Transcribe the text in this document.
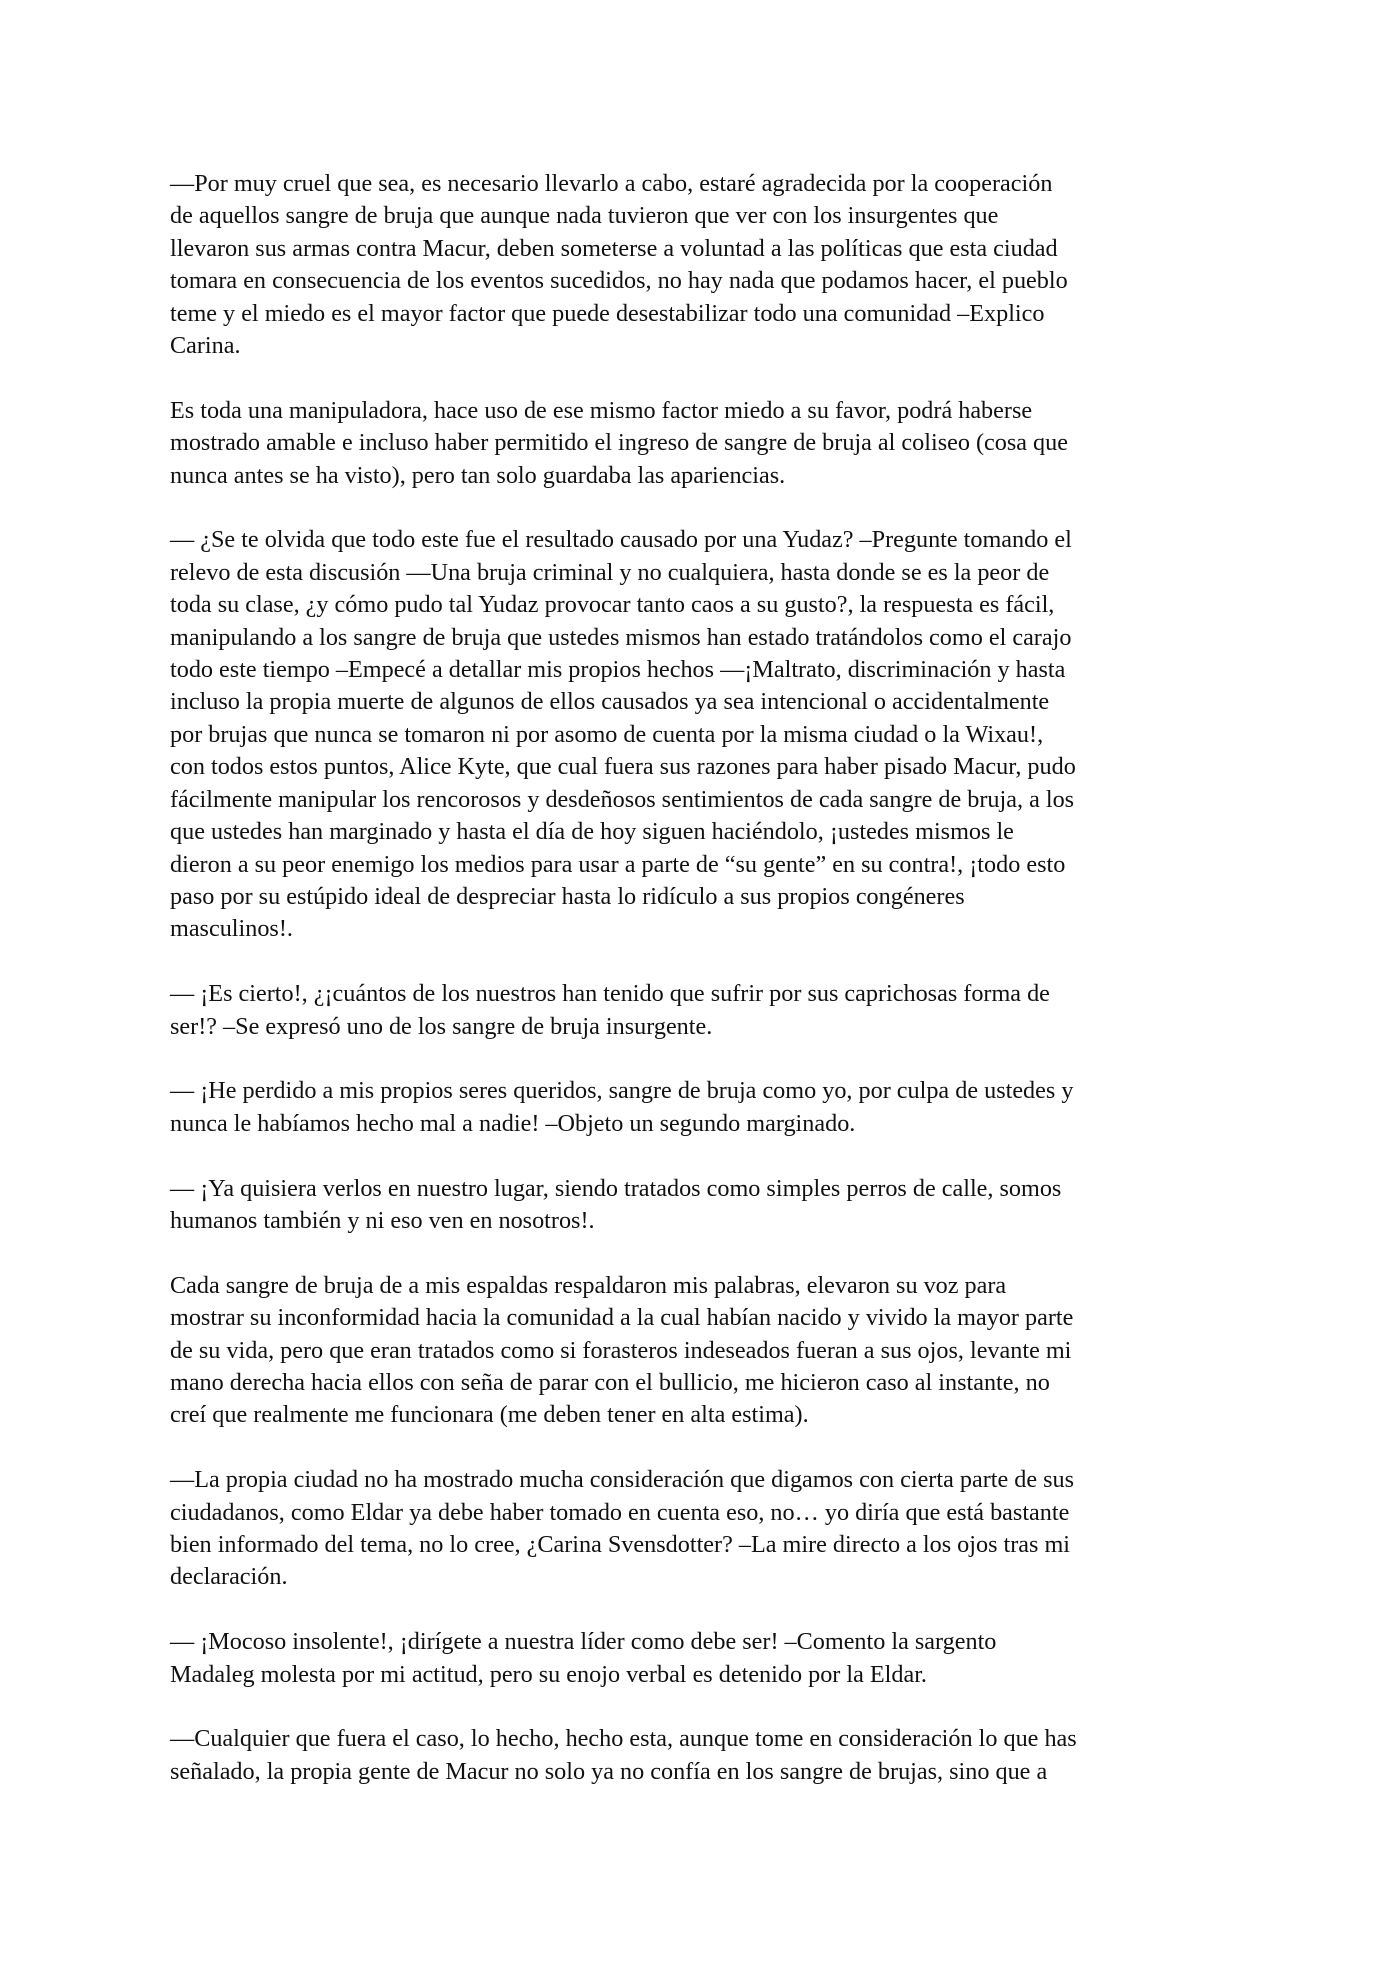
—Por muy cruel que sea, es necesario llevarlo a cabo, estaré agradecida por la cooperación
de aquellos sangre de bruja que aunque nada tuvieron que ver con los insurgentes que
llevaron sus armas contra Macur, deben someterse a voluntad a las políticas que esta ciudad
tomara en consecuencia de los eventos sucedidos, no hay nada que podamos hacer, el pueblo
teme y el miedo es el mayor factor que puede desestabilizar todo una comunidad –Explico
Carina.

Es toda una manipuladora, hace uso de ese mismo factor miedo a su favor, podrá haberse
mostrado amable e incluso haber permitido el ingreso de sangre de bruja al coliseo (cosa que
nunca antes se ha visto), pero tan solo guardaba las apariencias.

— ¿Se te olvida que todo este fue el resultado causado por una Yudaz? –Pregunte tomando el
relevo de esta discusión —Una bruja criminal y no cualquiera, hasta donde se es la peor de
toda su clase, ¿y cómo pudo tal Yudaz provocar tanto caos a su gusto?, la respuesta es fácil,
manipulando a los sangre de bruja que ustedes mismos han estado tratándolos como el carajo
todo este tiempo –Empecé a detallar mis propios hechos —¡Maltrato, discriminación y hasta
incluso la propia muerte de algunos de ellos causados ya sea intencional o accidentalmente
por brujas que nunca se tomaron ni por asomo de cuenta por la misma ciudad o la Wixau!,
con todos estos puntos, Alice Kyte, que cual fuera sus razones para haber pisado Macur, pudo
fácilmente manipular los rencorosos y desdeñosos sentimientos de cada sangre de bruja, a los
que ustedes han marginado y hasta el día de hoy siguen haciéndolo, ¡ustedes mismos le
dieron a su peor enemigo los medios para usar a parte de “su gente” en su contra!, ¡todo esto
paso por su estúpido ideal de despreciar hasta lo ridículo a sus propios congéneres
masculinos!.

— ¡Es cierto!, ¿¡cuántos de los nuestros han tenido que sufrir por sus caprichosas forma de
ser!? –Se expresó uno de los sangre de bruja insurgente.

— ¡He perdido a mis propios seres queridos, sangre de bruja como yo, por culpa de ustedes y
nunca le habíamos hecho mal a nadie! –Objeto un segundo marginado.

— ¡Ya quisiera verlos en nuestro lugar, siendo tratados como simples perros de calle, somos
humanos también y ni eso ven en nosotros!.

Cada sangre de bruja de a mis espaldas respaldaron mis palabras, elevaron su voz para
mostrar su inconformidad hacia la comunidad a la cual habían nacido y vivido la mayor parte
de su vida, pero que eran tratados como si forasteros indeseados fueran a sus ojos, levante mi
mano derecha hacia ellos con seña de parar con el bullicio, me hicieron caso al instante, no
creí que realmente me funcionara (me deben tener en alta estima).

—La propia ciudad no ha mostrado mucha consideración que digamos con cierta parte de sus
ciudadanos, como Eldar ya debe haber tomado en cuenta eso, no… yo diría que está bastante
bien informado del tema, no lo cree, ¿Carina Svensdotter? –La mire directo a los ojos tras mi
declaración.

— ¡Mocoso insolente!, ¡dirígete a nuestra líder como debe ser! –Comento la sargento
Madaleg molesta por mi actitud, pero su enojo verbal es detenido por la Eldar.

—Cualquier que fuera el caso, lo hecho, hecho esta, aunque tome en consideración lo que has
señalado, la propia gente de Macur no solo ya no confía en los sangre de brujas, sino que a
